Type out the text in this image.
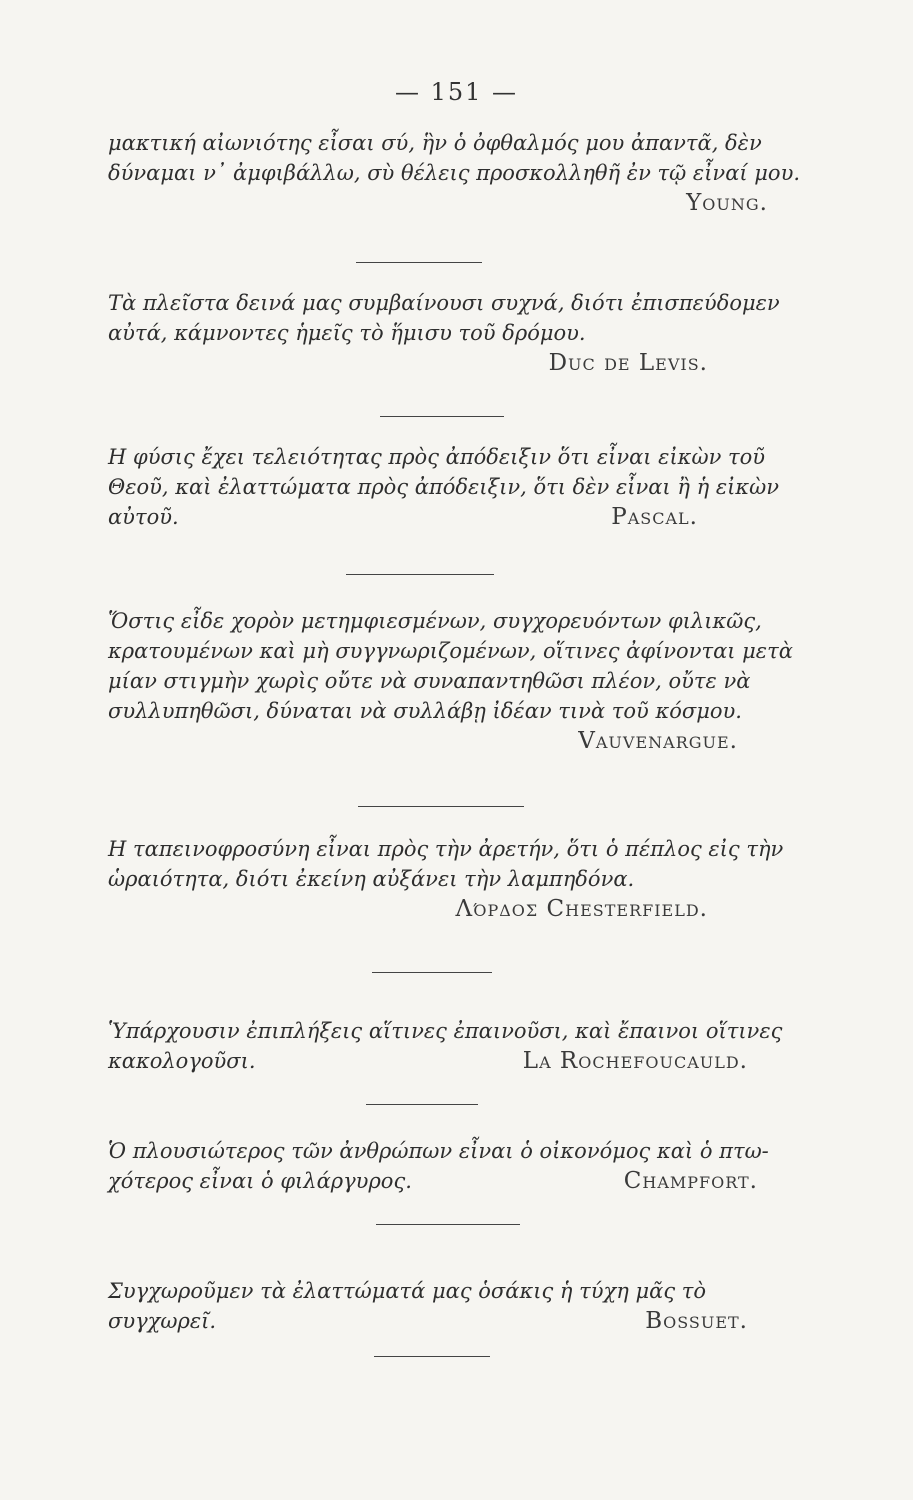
— 151 —
μακτική αἰωνιότης εἶσαι σύ, ἣν ὁ ὀφθαλμός μου ἀπαντᾶ, δὲν
δύναμαι ν᾽ ἀμφιβάλλω, σὺ θέλεις προσκολληθῆ ἐν τῷ εἶναί μου.
Young.
Τὰ πλεῖστα δεινά μας συμβαίνουσι συχνά, διότι ἐπισπεύδομεν
αὐτά, κάμνοντες ἡμεῖς τὸ ἥμισυ τοῦ δρόμου.
Duc de Levis.
Η φύσις ἔχει τελειότητας πρὸς ἀπόδειξιν ὅτι εἶναι εἰκὼν τοῦ
Θεοῦ, καὶ ἐλαττώματα πρὸς ἀπόδειξιν, ὅτι δὲν εἶναι ἢ ἡ εἰκὼν
αὐτοῦ.	Pascal.
Ὅστις εἶδε χορὸν μετημφιεσμένων, συγχορευόντων φιλικῶς,
κρατουμένων καὶ μὴ συγγνωριζομένων, οἵτινες ἀφίνονται μετὰ
μίαν στιγμὴν χωρὶς οὔτε νὰ συναπαντηθῶσι πλέον, οὔτε νὰ
συλλυπηθῶσι, δύναται νὰ συλλάβῃ ἰδέαν τινὰ τοῦ κόσμου.
Vauvenargue.
Η ταπεινοφροσύνη εἶναι πρὸς τὴν ἀρετήν, ὅτι ὁ πέπλος εἰς τὴν
ὡραιότητα, διότι ἐκείνη αὐξάνει τὴν λαμπηδόνα.
Λόρδος Chesterfield.
Ὑπάρχουσιν ἐπιπλήξεις αἵτινες ἐπαινοῦσι, καὶ ἔπαινοι οἵτινες
κακολογοῦσι.	La Rochefoucauld.
Ὁ πλουσιώτερος τῶν ἀνθρώπων εἶναι ὁ οἰκονόμος καὶ ὁ πτω-
χότερος εἶναι ὁ φιλάργυρος.	Champfort.
Συγχωροῦμεν τὰ ἐλαττώματά μας ὁσάκις ἡ τύχη μᾶς τὸ
συγχωρεῖ.	Bossuet.
